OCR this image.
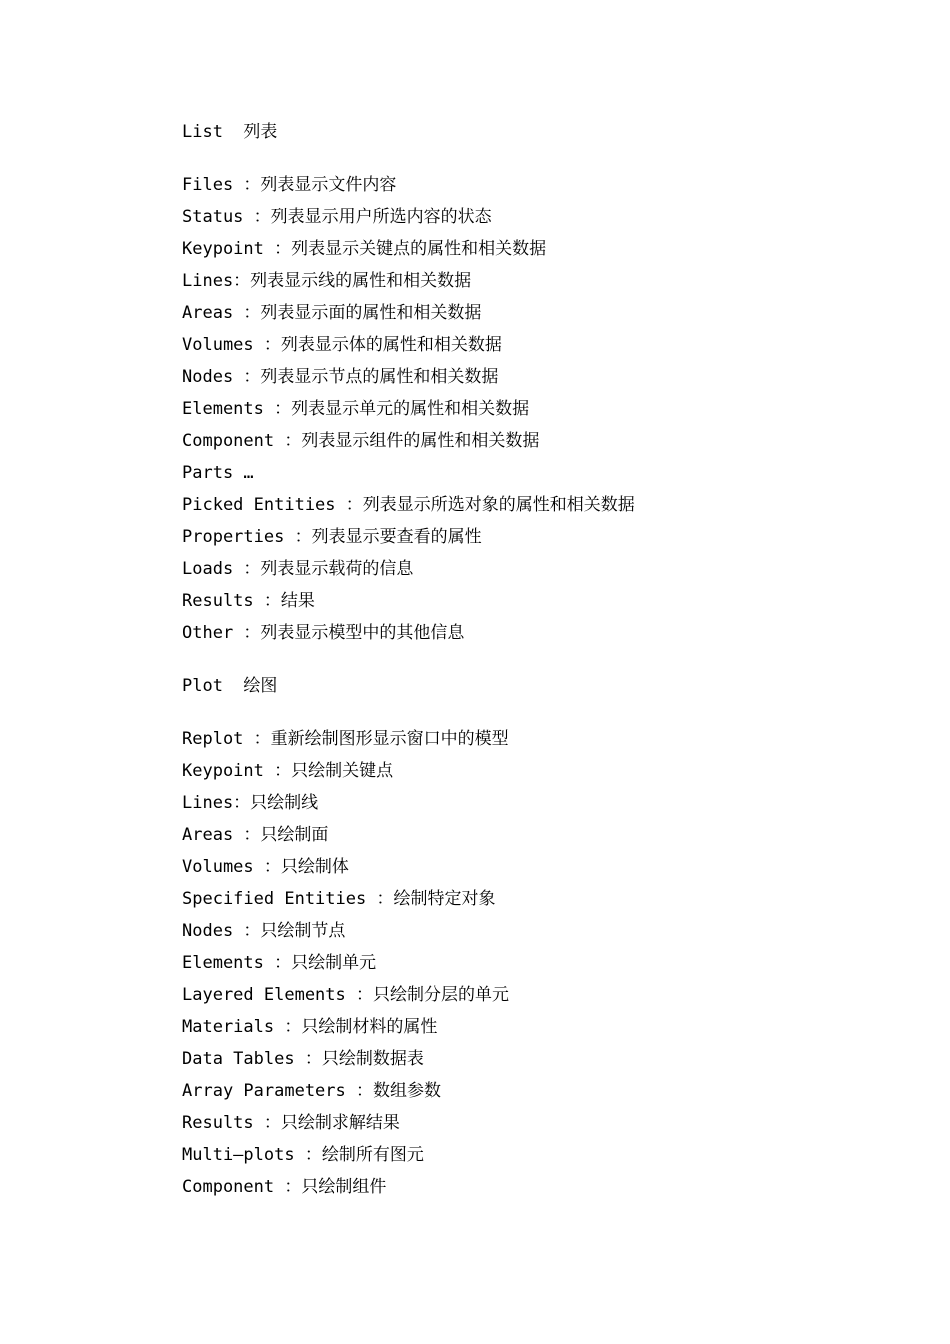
List  列表

Files ：列表显示文件内容
Status ：列表显示用户所选内容的状态
Keypoint ：列表显示关键点的属性和相关数据
Lines：列表显示线的属性和相关数据
Areas ：列表显示面的属性和相关数据
Volumes ：列表显示体的属性和相关数据
Nodes ：列表显示节点的属性和相关数据
Elements ：列表显示单元的属性和相关数据
Component ：列表显示组件的属性和相关数据
Parts …
Picked Entities ：列表显示所选对象的属性和相关数据
Properties ：列表显示要查看的属性
Loads ：列表显示载荷的信息
Results ：结果
Other ：列表显示模型中的其他信息

Plot  绘图

Replot ：重新绘制图形显示窗口中的模型
Keypoint ：只绘制关键点
Lines：只绘制线
Areas ：只绘制面
Volumes ：只绘制体
Specified Entities ：绘制特定对象
Nodes ：只绘制节点
Elements ：只绘制单元
Layered Elements ：只绘制分层的单元
Materials ：只绘制材料的属性
Data Tables ：只绘制数据表
Array Parameters ：数组参数
Results ：只绘制求解结果
Multi—plots ：绘制所有图元
Component ：只绘制组件
